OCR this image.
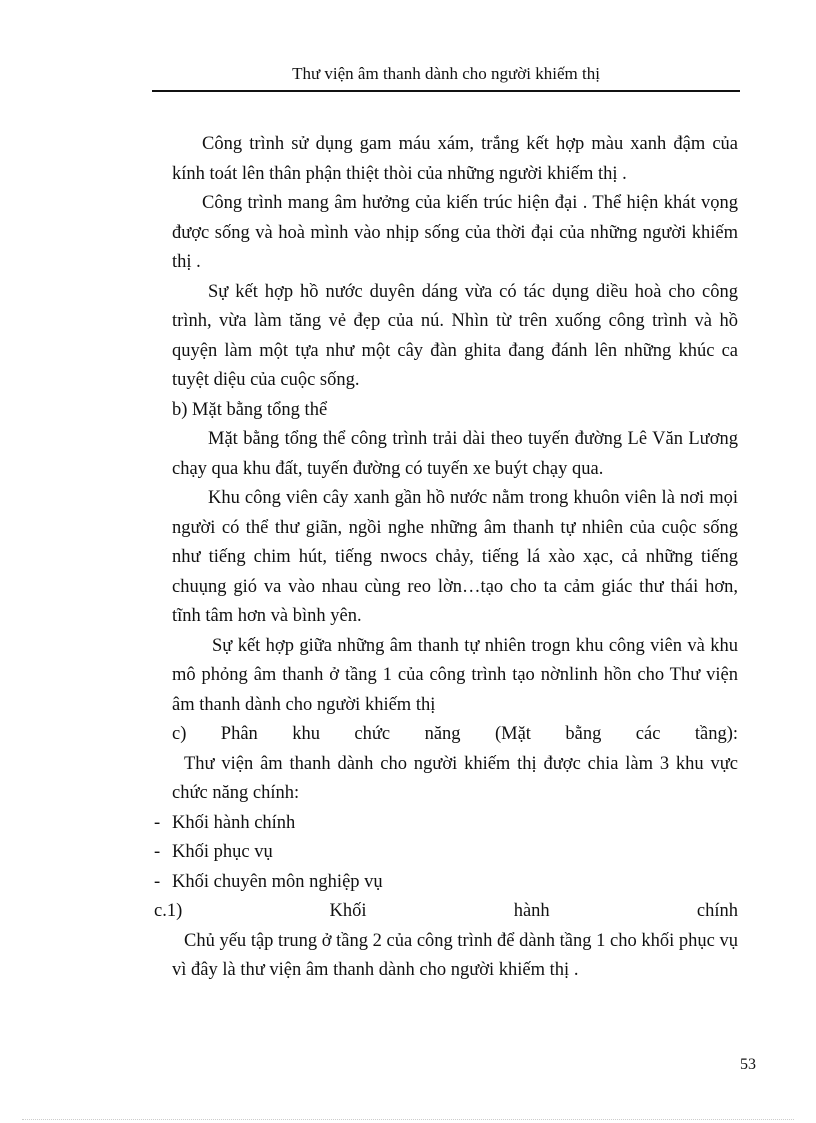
Thư viện âm thanh dành cho người khiếm thị

Công trình sử dụng gam máu xám, trắng kết hợp màu xanh đậm của kính toát lên thân phận thiệt thòi của những người khiếm thị .

Công trình mang âm hưởng của kiến trúc hiện đại . Thể hiện khát vọng được sống và hoà mình vào nhịp sống của thời đại của những người khiếm thị .

Sự kết hợp hồ nước duyên dáng vừa có tác dụng diều hoà cho công trình, vừa làm tăng vẻ đẹp của nú. Nhìn từ trên xuống công trình và hồ quyện làm một tựa như một cây đàn ghita đang đánh lên những khúc ca tuyệt diệu của cuộc sống.

b) Mặt bằng tổng thể

Mặt bằng tổng thể công trình trải dài theo tuyến đường Lê Văn Lương chạy qua khu đất, tuyến đường có tuyến xe buýt chạy qua.

Khu công viên cây xanh gần hồ nước nằm trong khuôn viên là nơi mọi người có thể thư giãn, ngồi nghe những âm thanh tự nhiên của cuộc sống như tiếng chim hút, tiếng nwocs chảy, tiếng lá xào xạc, cả những tiếng chuụng gió va vào nhau cùng reo lờn…tạo cho ta cảm giác thư thái hơn, tĩnh tâm hơn và bình yên.

Sự kết hợp giữa những âm thanh tự nhiên trogn khu công viên và khu mô phỏng âm thanh ở tầng 1 của công trình tạo nờnlinh hồn cho Thư viện âm thanh dành cho người khiếm thị

c) Phân khu chức năng (Mặt bằng các tầng):

Thư viện âm thanh dành cho người khiếm thị được chia làm 3 khu vực chức năng chính:

- Khối hành chính

- Khối phục vụ

- Khối chuyên môn nghiệp vụ

c.1) Khối hành chính

Chủ yếu tập trung ở tầng 2 của công trình để dành tầng 1 cho khối phục vụ vì đây là thư viện âm thanh dành cho người khiếm thị .

53
